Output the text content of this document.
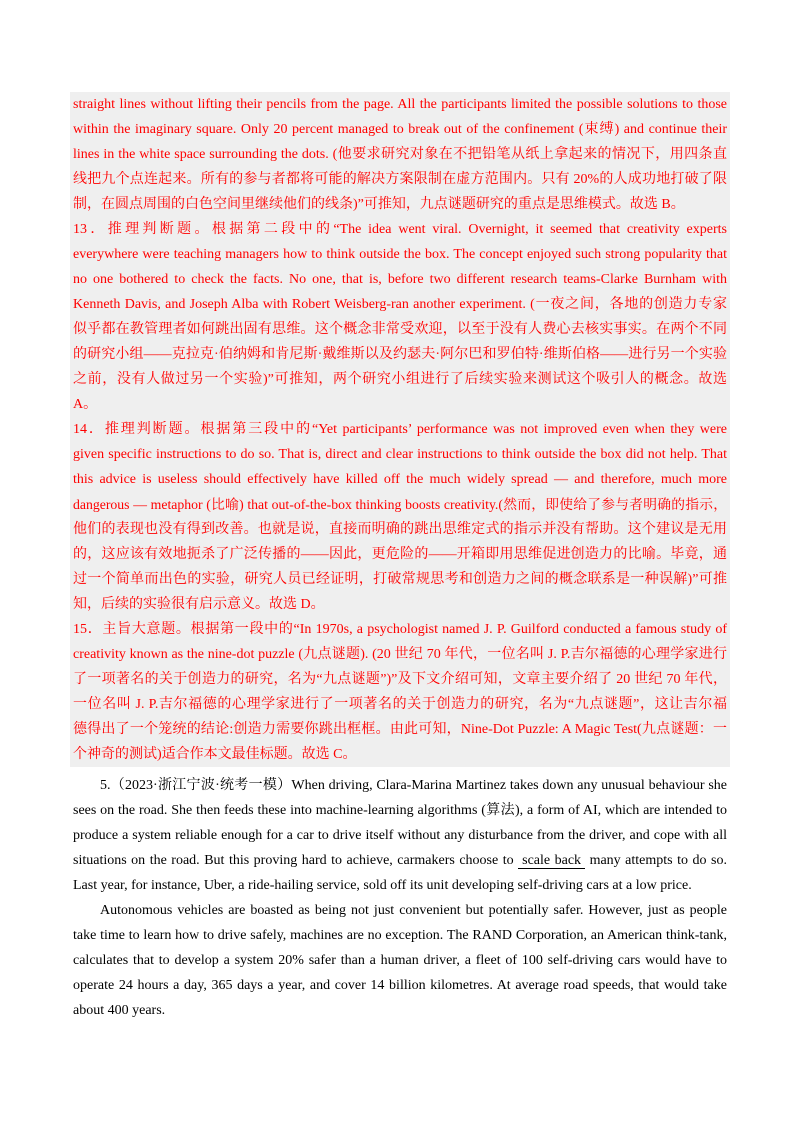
straight lines without lifting their pencils from the page. All the participants limited the possible solutions to those
within the imaginary square. Only 20 percent managed to break out of the confinement (束缚) and continue their
lines in the white space surrounding the dots. (他要求研究对象在不把铅笔从纸上拿起来的情况下，用四条直
线把九个点连起来。所有的参与者都将可能的解决方案限制在虚方范围内。只有 20%的人成功地打破了限
制，在圆点周围的白色空间里继续他们的线条)”可推知，九点谜题研究的重点是思维模式。故选 B。
13．推理判断题。根据第二段中的“The idea went viral. Overnight, it seemed that creativity experts
everywhere were teaching managers how to think outside the box. The concept enjoyed such strong popularity that
no one bothered to check the facts. No one, that is, before two different research teams-Clarke Burnham with
Kenneth Davis, and Joseph Alba with Robert Weisberg-ran another experiment. (一夜之间，各地的创造力专家
似乎都在教管理者如何跳出固有思维。这个概念非常受欢迎，以至于没有人费心去核实事实。在两个不同
的研究小组——克拉克·伯纳姆和肯尼斯·戴维斯以及约瑟夫·阿尔巴和罗伯特·维斯伯格——进行另一个实验
之前，没有人做过另一个实验)”可推知，两个研究小组进行了后续实验来测试这个吸引人的概念。故选
A。
14．推理判断题。根据第三段中的“Yet participants’ performance was not improved even when they were
given specific instructions to do so. That is, direct and clear instructions to think outside the box did not help. That
this advice is useless should effectively have killed off the much widely spread — and therefore, much more
dangerous — metaphor (比喻) that out-of-the-box thinking boosts creativity.(然而，即使给了参与者明确的指示，
他们的表现也没有得到改善。也就是说，直接而明确的跳出思维定式的指示并没有帮助。这个建议是无用
的，这应该有效地扼杀了广泛传播的——因此，更危险的——开箱即用思维促进创造力的比喻。毕竟，通
过一个简单而出色的实验，研究人员已经证明，打破常规思考和创造力之间的概念联系是一种误解)”可推
知，后续的实验很有启示意义。故选 D。
15．主旨大意题。根据第一段中的“In 1970s, a psychologist named J. P. Guilford conducted a famous study of
creativity known as the nine-dot puzzle (九点谜题). (20 世纪 70 年代，一位名叫 J. P.吉尔福德的心理学家进行
了一项著名的关于创造力的研究，名为“九点谜题”)”及下文介绍可知，文章主要介绍了 20 世纪 70 年代，
一位名叫 J. P.吉尔福德的心理学家进行了一项著名的关于创造力的研究，名为“九点谜题”，这让吉尔福
德得出了一个笼统的结论:创造力需要你跳出框框。由此可知，Nine-Dot Puzzle: A Magic Test(九点谜题：一
个神奇的测试)适合作本文最佳标题。故选 C。
5.（2023·浙江宁波·统考一模）When driving, Clara-Marina Martinez takes down any unusual behaviour she
sees on the road. She then feeds these into machine-learning algorithms (算法), a form of AI, which are intended to
produce a system reliable enough for a car to drive itself without any disturbance from the driver, and cope with all
situations on the road. But this proving hard to achieve, carmakers choose to scale back many attempts to do so.
Last year, for instance, Uber, a ride-hailing service, sold off its unit developing self-driving cars at a low price.
Autonomous vehicles are boasted as being not just convenient but potentially safer. However, just as people
take time to learn how to drive safely, machines are no exception. The RAND Corporation, an American think-tank,
calculates that to develop a system 20% safer than a human driver, a fleet of 100 self-driving cars would have to
operate 24 hours a day, 365 days a year, and cover 14 billion kilometres. At average road speeds, that would take
about 400 years.
